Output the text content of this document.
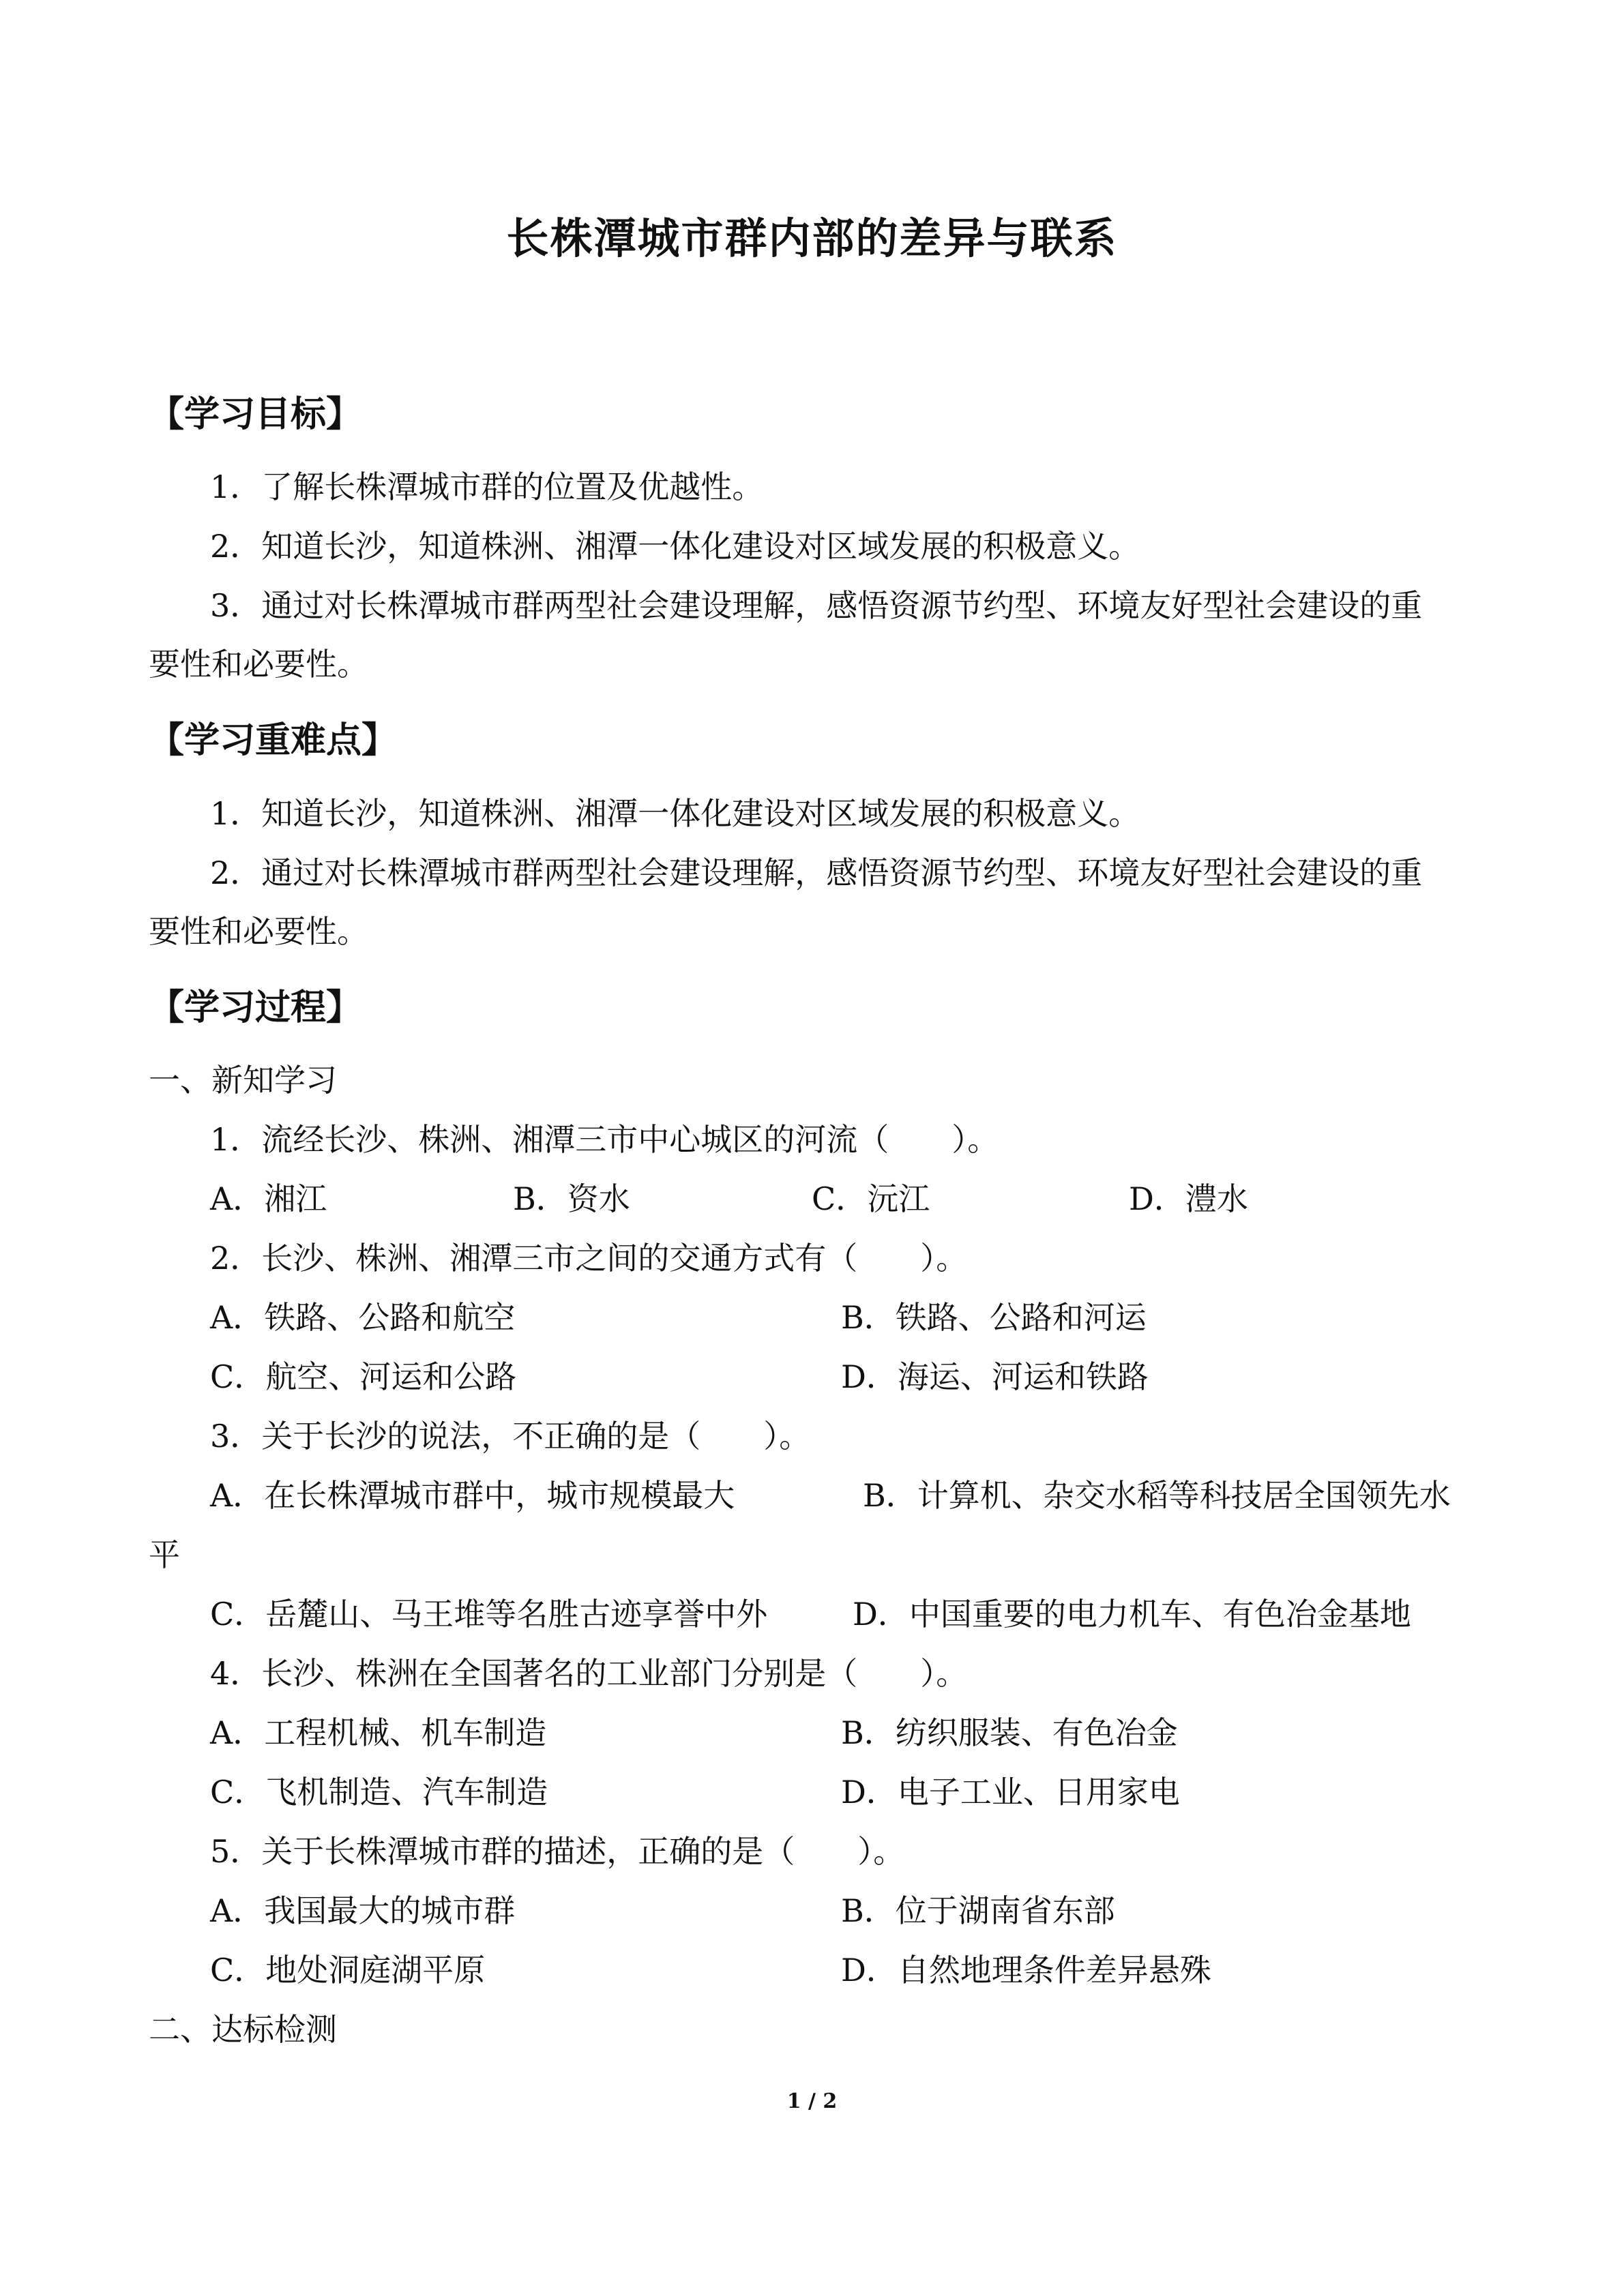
长株潭城市群内部的差异与联系
【学习目标】
1．了解长株潭城市群的位置及优越性。
2．知道长沙，知道株洲、湘潭一体化建设对区域发展的积极意义。
3．通过对长株潭城市群两型社会建设理解，感悟资源节约型、环境友好型社会建设的重
要性和必要性。
【学习重难点】
1．知道长沙，知道株洲、湘潭一体化建设对区域发展的积极意义。
2．通过对长株潭城市群两型社会建设理解，感悟资源节约型、环境友好型社会建设的重
要性和必要性。
【学习过程】
一、新知学习
1．流经长沙、株洲、湘潭三市中心城区的河流（　　）。
A．湘江	B．资水	C．沅江	D．澧水
2．长沙、株洲、湘潭三市之间的交通方式有（　　）。
A．铁路、公路和航空	B．铁路、公路和河运
C．航空、河运和公路	D．海运、河运和铁路
3．关于长沙的说法，不正确的是（　　）。
A．在长株潭城市群中，城市规模最大	B．计算机、杂交水稻等科技居全国领先水
平
C．岳麓山、马王堆等名胜古迹享誉中外	D．中国重要的电力机车、有色冶金基地
4．长沙、株洲在全国著名的工业部门分别是（　　）。
A．工程机械、机车制造	B．纺织服装、有色冶金
C．飞机制造、汽车制造	D．电子工业、日用家电
5．关于长株潭城市群的描述，正确的是（　　）。
A．我国最大的城市群	B．位于湖南省东部
C．地处洞庭湖平原	D．自然地理条件差异悬殊
二、达标检测
1 / 2
